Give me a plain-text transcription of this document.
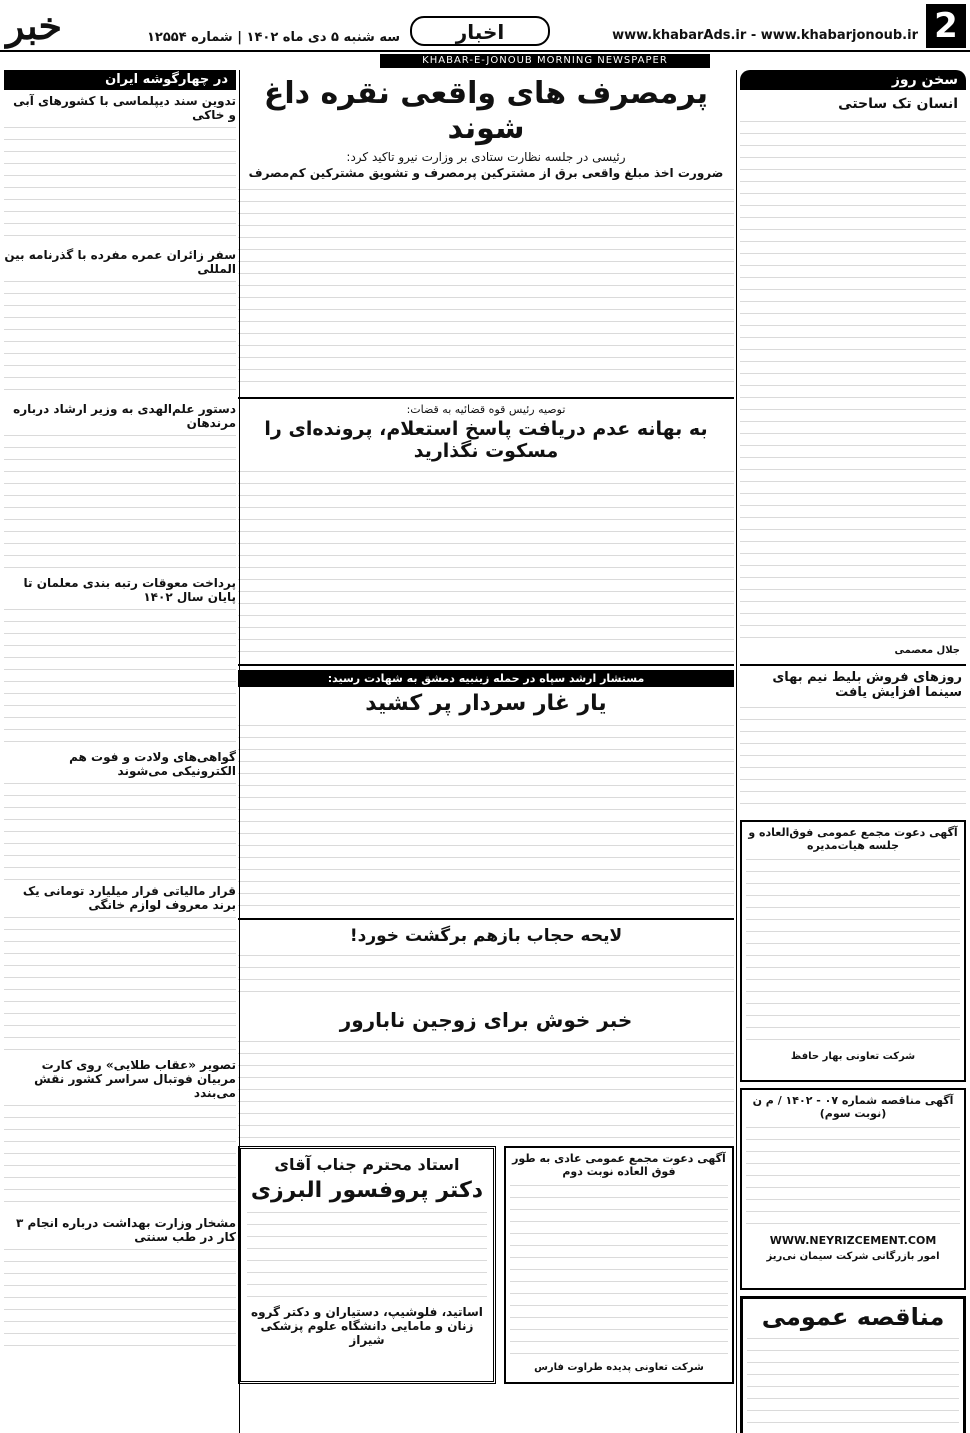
2
www.khabarAds.ir - www.khabarjonoub.ir
اخبار
خبر	سه شنبه ۵ دی ماه ۱۴۰۲ | شماره ۱۲۵۵۴
KHABAR-E-JONOUB MORNING NEWSPAPER
سخن روز
انسان تک ساحتی
جلال معصمی
روزهای فروش بلیط نیم بهای سینما افزایش یافت
آگهی دعوت مجمع عمومی فوق‌العاده و جلسه هیات‌مدیره
شرکت تعاونی بهار حافظ
آگهی مناقصه شماره ۰۷ - ۱۴۰۲ / م ن (نوبت سوم)
WWW.NEYRIZCEMENT.COM
امور بازرگانی شرکت سیمان نی‌ریز
مناقصه عمومی
پرمصرف های واقعی نقره داغ شوند
رئیسی در جلسه نظارت ستادی بر وزارت نیرو تاکید کرد:
ضرورت اخذ مبلغ واقعی برق از مشترکین پرمصرف و تشویق مشترکین کم‌مصرف
توصیه رئیس قوه قضائیه به قضات:
به بهانه عدم دریافت پاسخ استعلام، پرونده‌ای را مسکوت نگذارید
مستشار ارشد سپاه در حمله زینبیه دمشق به شهادت رسید:
یار غار سردار پر کشید
لایحه حجاب بازهم برگشت خورد!
خبر خوش برای زوجین نابارور
آگهی دعوت مجمع عمومی عادی به طور فوق العاده نوبت دوم
شرکت تعاونی پدیده طراوت فارس
استاد محترم جناب آقای
دکتر پروفسور البرزی
اساتید، فلوشیپ، دستیاران و دکتر گروه زنان و مامایی دانشگاه علوم پزشکی شیراز
در چهارگوشه ایران
تدوین سند دیپلماسی با کشورهای آبی و خاکی
سفر زائران عمره مفرده با گذرنامه بین المللی
دستور علم‌الهدی به وزیر ارشاد درباره مرندهان
پرداخت معوقات رتبه بندی معلمان تا پایان سال ۱۴۰۲
گواهی‌های ولادت و فوت هم الکترونیکی می‌شوند
قرار مالیاتی فرار میلیارد تومانی یک برند معروف لوازم خانگی
تصویر «عقاب طلایی» روی کارت مربیان فوتبال سراسر کشور نقش می‌بندد
مشخار وزارت بهداشت درباره انجام ۳ کار در طب سنتی
